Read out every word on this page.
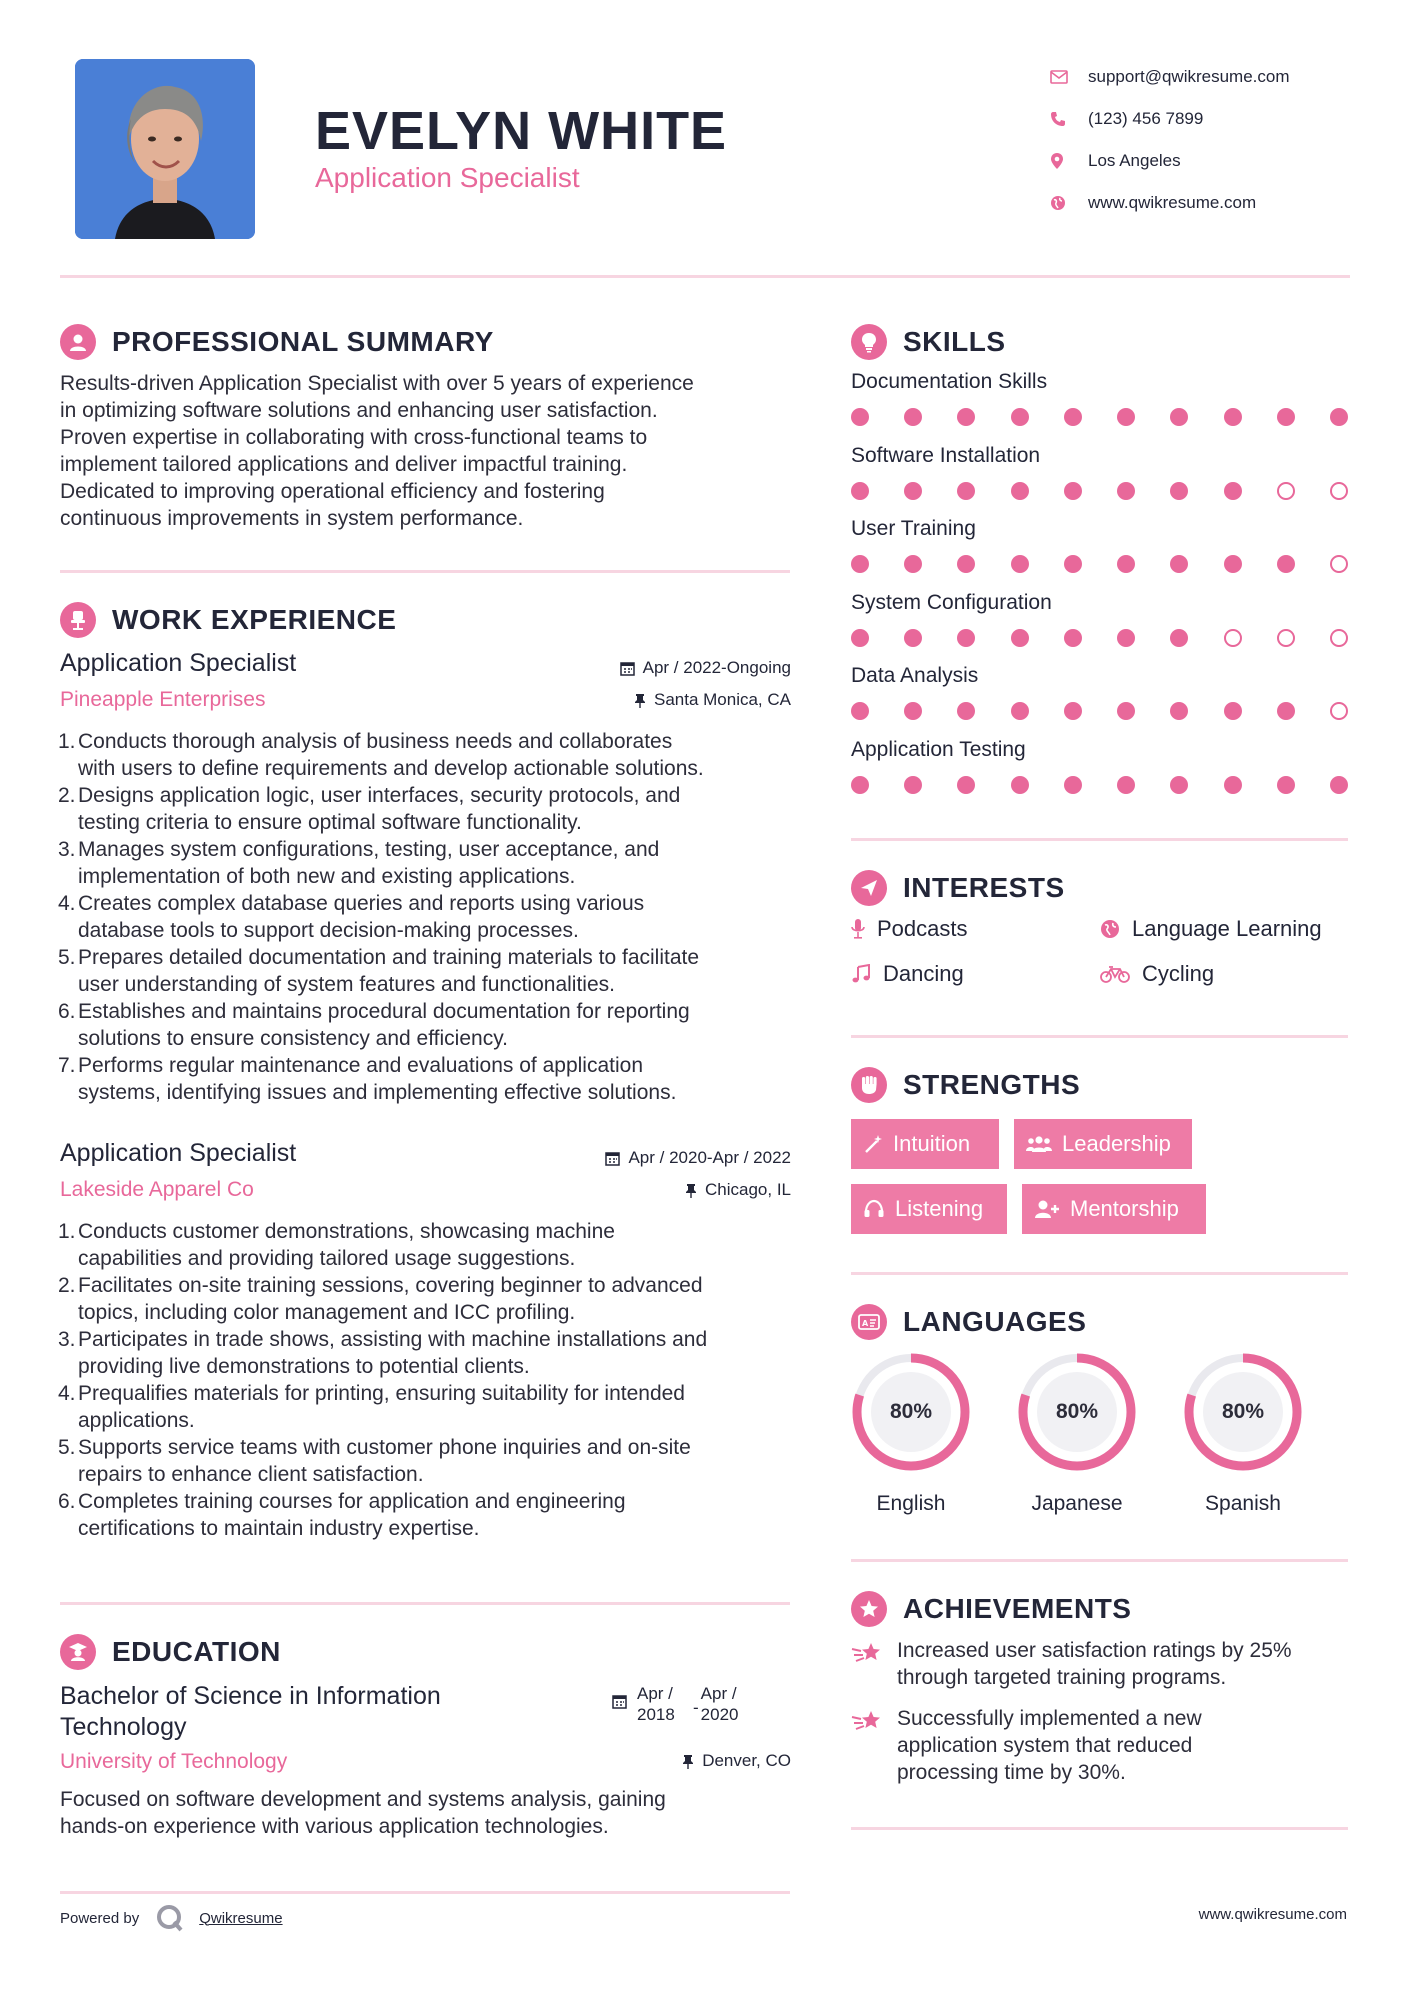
EVELYN WHITE
Application Specialist
support@qwikresume.com
(123) 456 7899
Los Angeles
www.qwikresume.com
PROFESSIONAL SUMMARY
Results-driven Application Specialist with over 5 years of experience
in optimizing software solutions and enhancing user satisfaction.
Proven expertise in collaborating with cross-functional teams to
implement tailored applications and deliver impactful training.
Dedicated to improving operational efficiency and fostering
continuous improvements in system performance.
WORK EXPERIENCE
Application Specialist	Apr / 2022-Ongoing
Pineapple Enterprises	Santa Monica, CA
1. Conducts thorough analysis of business needs and collaborates
with users to define requirements and develop actionable solutions.
2. Designs application logic, user interfaces, security protocols, and
testing criteria to ensure optimal software functionality.
3. Manages system configurations, testing, user acceptance, and
implementation of both new and existing applications.
4. Creates complex database queries and reports using various
database tools to support decision-making processes.
5. Prepares detailed documentation and training materials to facilitate
user understanding of system features and functionalities.
6. Establishes and maintains procedural documentation for reporting
solutions to ensure consistency and efficiency.
7. Performs regular maintenance and evaluations of application
systems, identifying issues and implementing effective solutions.
Application Specialist	Apr / 2020-Apr / 2022
Lakeside Apparel Co	Chicago, IL
1. Conducts customer demonstrations, showcasing machine
capabilities and providing tailored usage suggestions.
2. Facilitates on-site training sessions, covering beginner to advanced
topics, including color management and ICC profiling.
3. Participates in trade shows, assisting with machine installations and
providing live demonstrations to potential clients.
4. Prequalifies materials for printing, ensuring suitability for intended
applications.
5. Supports service teams with customer phone inquiries and on-site
repairs to enhance client satisfaction.
6. Completes training courses for application and engineering
certifications to maintain industry expertise.
EDUCATION
Bachelor of Science in Information
Technology
Apr /
2018	-
Apr /
2020
University of Technology	Denver, CO
Focused on software development and systems analysis, gaining
hands-on experience with various application technologies.
SKILLS
Documentation Skills
Software Installation
User Training
System Configuration
Data Analysis
Application Testing
INTERESTS
Podcasts	Language Learning
Dancing	Cycling
STRENGTHS
Intuition	Leadership
Listening	Mentorship
A LANGUAGES
80%
English
80%
Japanese
80%
Spanish
ACHIEVEMENTS
Increased user satisfaction ratings by 25%
through targeted training programs.
Successfully implemented a new
application system that reduced
processing time by 30%.
Powered by	Qwikresume	www.qwikresume.com
